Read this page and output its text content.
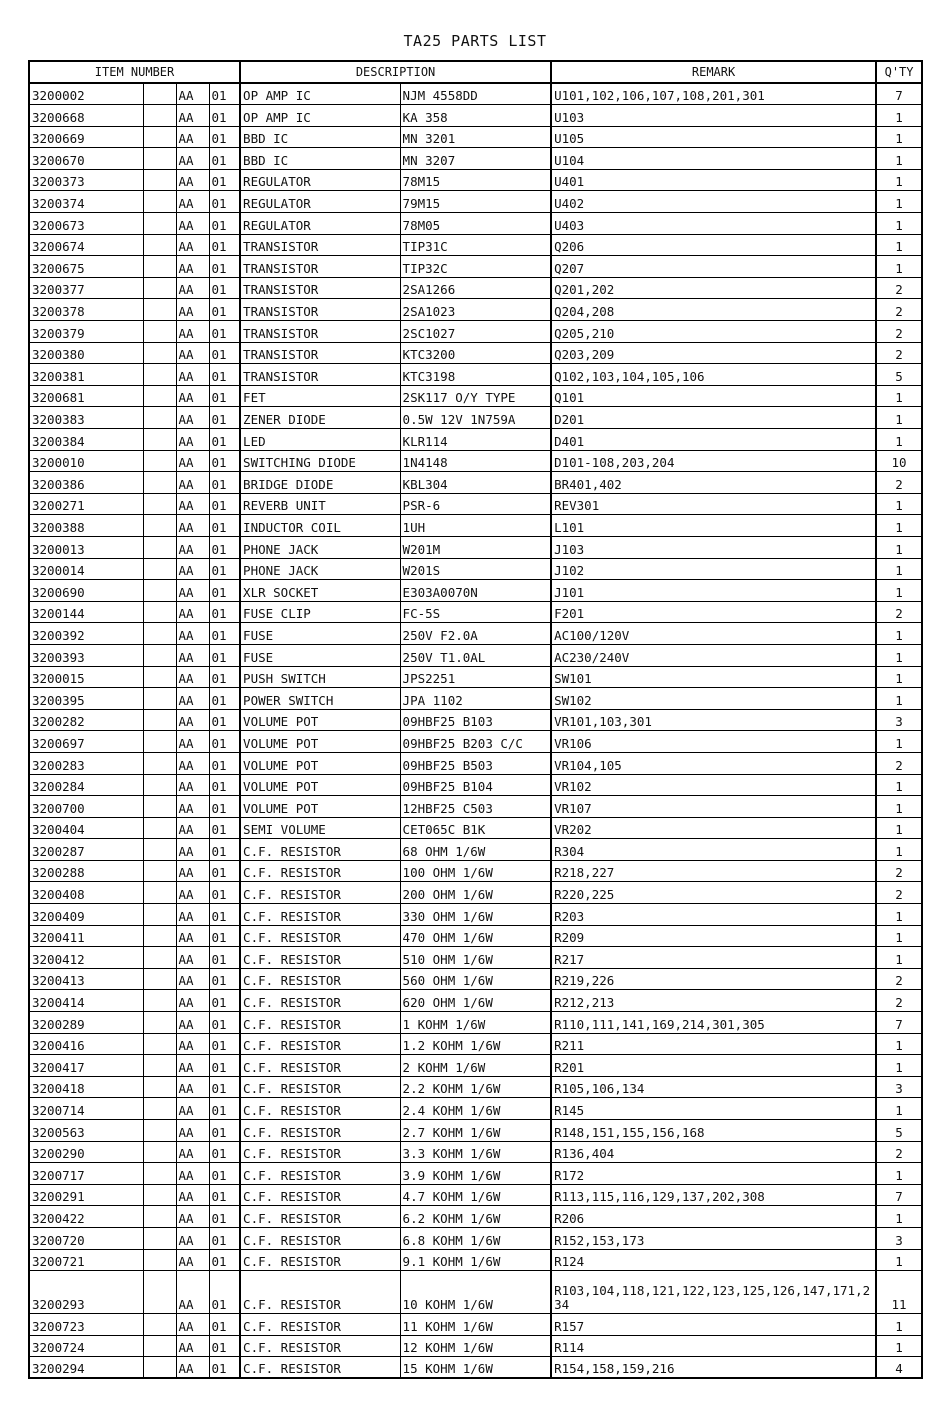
TA25 PARTS LIST
ITEM NUMBER				DESCRIPTION		REMARK	Q'TY
3200002		AA	01	OP AMP IC	NJM 4558DD	U101,102,106,107,108,201,301	7
3200668		AA	01	OP AMP IC	KA 358	U103	1
3200669		AA	01	BBD IC	MN 3201	U105	1
3200670		AA	01	BBD IC	MN 3207	U104	1
3200373		AA	01	REGULATOR	78M15	U401	1
3200374		AA	01	REGULATOR	79M15	U402	1
3200673		AA	01	REGULATOR	78M05	U403	1
3200674		AA	01	TRANSISTOR	TIP31C	Q206	1
3200675		AA	01	TRANSISTOR	TIP32C	Q207	1
3200377		AA	01	TRANSISTOR	2SA1266	Q201,202	2
3200378		AA	01	TRANSISTOR	2SA1023	Q204,208	2
3200379		AA	01	TRANSISTOR	2SC1027	Q205,210	2
3200380		AA	01	TRANSISTOR	KTC3200	Q203,209	2
3200381		AA	01	TRANSISTOR	KTC3198	Q102,103,104,105,106	5
3200681		AA	01	FET	2SK117 O/Y TYPE	Q101	1
3200383		AA	01	ZENER DIODE	0.5W 12V 1N759A	D201	1
3200384		AA	01	LED	KLR114	D401	1
3200010		AA	01	SWITCHING DIODE	1N4148	D101-108,203,204	10
3200386		AA	01	BRIDGE DIODE	KBL304	BR401,402	2
3200271		AA	01	REVERB UNIT	PSR-6	REV301	1
3200388		AA	01	INDUCTOR COIL	1UH	L101	1
3200013		AA	01	PHONE JACK	W201M	J103	1
3200014		AA	01	PHONE JACK	W201S	J102	1
3200690		AA	01	XLR SOCKET	E303A0070N	J101	1
3200144		AA	01	FUSE CLIP	FC-5S	F201	2
3200392		AA	01	FUSE	250V F2.0A	AC100/120V	1
3200393		AA	01	FUSE	250V T1.0AL	AC230/240V	1
3200015		AA	01	PUSH SWITCH	JPS2251	SW101	1
3200395		AA	01	POWER SWITCH	JPA 1102	SW102	1
3200282		AA	01	VOLUME POT	09HBF25 B103	VR101,103,301	3
3200697		AA	01	VOLUME POT	09HBF25 B203 C/C	VR106	1
3200283		AA	01	VOLUME POT	09HBF25 B503	VR104,105	2
3200284		AA	01	VOLUME POT	09HBF25 B104	VR102	1
3200700		AA	01	VOLUME POT	12HBF25 C503	VR107	1
3200404		AA	01	SEMI VOLUME	CET065C B1K	VR202	1
3200287		AA	01	C.F. RESISTOR	68 OHM 1/6W	R304	1
3200288		AA	01	C.F. RESISTOR	100 OHM 1/6W	R218,227	2
3200408		AA	01	C.F. RESISTOR	200 OHM 1/6W	R220,225	2
3200409		AA	01	C.F. RESISTOR	330 OHM 1/6W	R203	1
3200411		AA	01	C.F. RESISTOR	470 OHM 1/6W	R209	1
3200412		AA	01	C.F. RESISTOR	510 OHM 1/6W	R217	1
3200413		AA	01	C.F. RESISTOR	560 OHM 1/6W	R219,226	2
3200414		AA	01	C.F. RESISTOR	620 OHM 1/6W	R212,213	2
3200289		AA	01	C.F. RESISTOR	1 KOHM 1/6W	R110,111,141,169,214,301,305	7
3200416		AA	01	C.F. RESISTOR	1.2 KOHM 1/6W	R211	1
3200417		AA	01	C.F. RESISTOR	2 KOHM 1/6W	R201	1
3200418		AA	01	C.F. RESISTOR	2.2 KOHM 1/6W	R105,106,134	3
3200714		AA	01	C.F. RESISTOR	2.4 KOHM 1/6W	R145	1
3200563		AA	01	C.F. RESISTOR	2.7 KOHM 1/6W	R148,151,155,156,168	5
3200290		AA	01	C.F. RESISTOR	3.3 KOHM 1/6W	R136,404	2
3200717		AA	01	C.F. RESISTOR	3.9 KOHM 1/6W	R172	1
3200291		AA	01	C.F. RESISTOR	4.7 KOHM 1/6W	R113,115,116,129,137,202,308	7
3200422		AA	01	C.F. RESISTOR	6.2 KOHM 1/6W	R206	1
3200720		AA	01	C.F. RESISTOR	6.8 KOHM 1/6W	R152,153,173	3
3200721		AA	01	C.F. RESISTOR	9.1 KOHM 1/6W	R124	1
3200293		AA	01	C.F. RESISTOR	10 KOHM 1/6W	R103,104,118,121,122,123,125,126,147,171,234	11
3200723		AA	01	C.F. RESISTOR	11 KOHM 1/6W	R157	1
3200724		AA	01	C.F. RESISTOR	12 KOHM 1/6W	R114	1
3200294		AA	01	C.F. RESISTOR	15 KOHM 1/6W	R154,158,159,216	4
